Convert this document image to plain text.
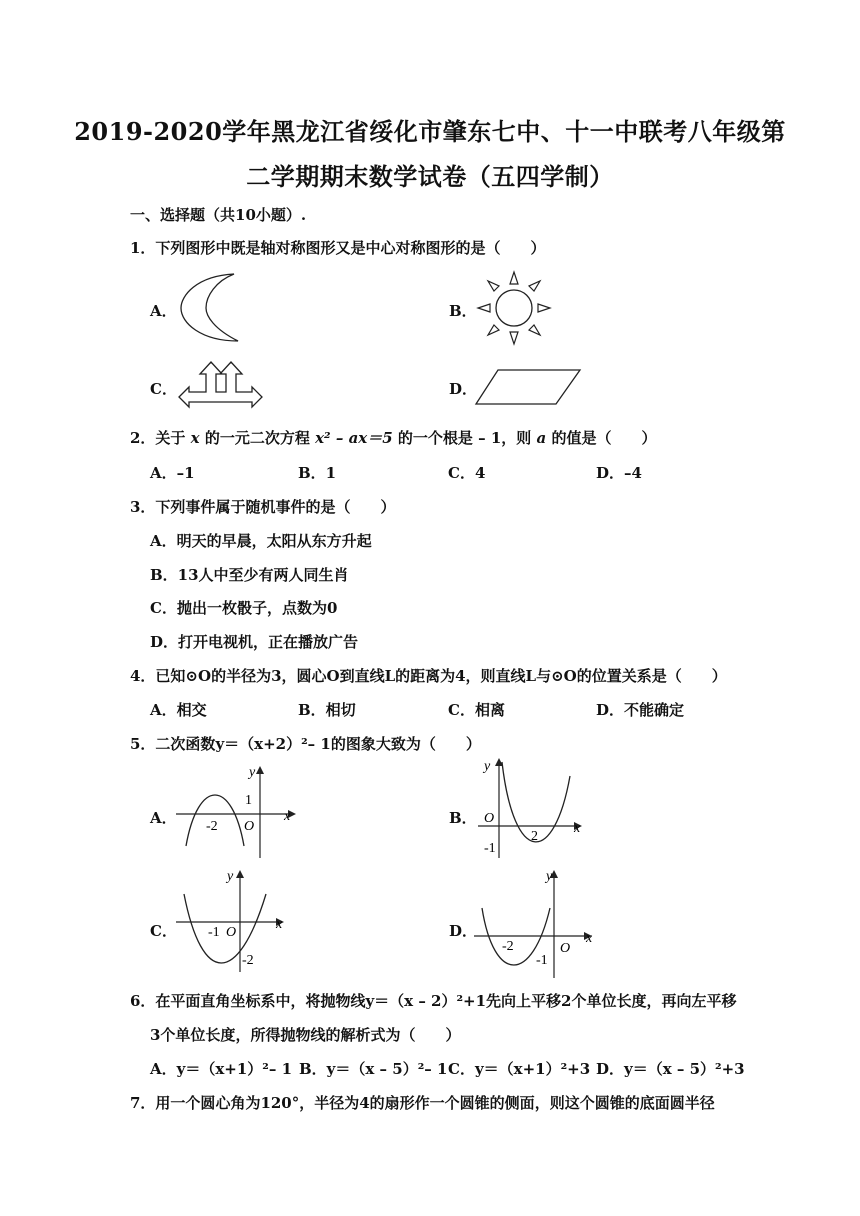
2019-2020学年黑龙江省绥化市肇东七中、十一中联考八年级第
二学期期末数学试卷（五四学制）
一、选择题（共10小题）.
1．下列图形中既是轴对称图形又是中心对称图形的是（　　）
A．	B．
C．	D．
2．关于 x 的一元二次方程 x² – ax＝5 的一个根是 – 1，则 a 的值是（　　）
A．–1	B．1	C．4	D．–4
3．下列事件属于随机事件的是（　　）
A．明天的早晨，太阳从东方升起
B．13人中至少有两人同生肖
C．抛出一枚骰子，点数为0
D．打开电视机，正在播放广告
4．已知⊙O的半径为3，圆心O到直线L的距离为4，则直线L与⊙O的位置关系是（　　）
A．相交	B．相切	C．相离	D．不能确定
5．二次函数y＝（x+2）²– 1的图象大致为（　　）
A．
y
x
1
-2 O	B．
y
x
2
-1
O
C．
y
x
-1
-2
O	D．
y
x
-2
-1
O
6．在平面直角坐标系中，将抛物线y＝（x – 2）²+1先向上平移2个单位长度，再向左平移
3个单位长度，所得抛物线的解析式为（　　）
A．y＝（x+1）²– 1 B．y＝（x – 5）²– 1 C．y＝（x+1）²+3 D．y＝（x – 5）²+3
7．用一个圆心角为120°，半径为4的扇形作一个圆锥的侧面，则这个圆锥的底面圆半径
